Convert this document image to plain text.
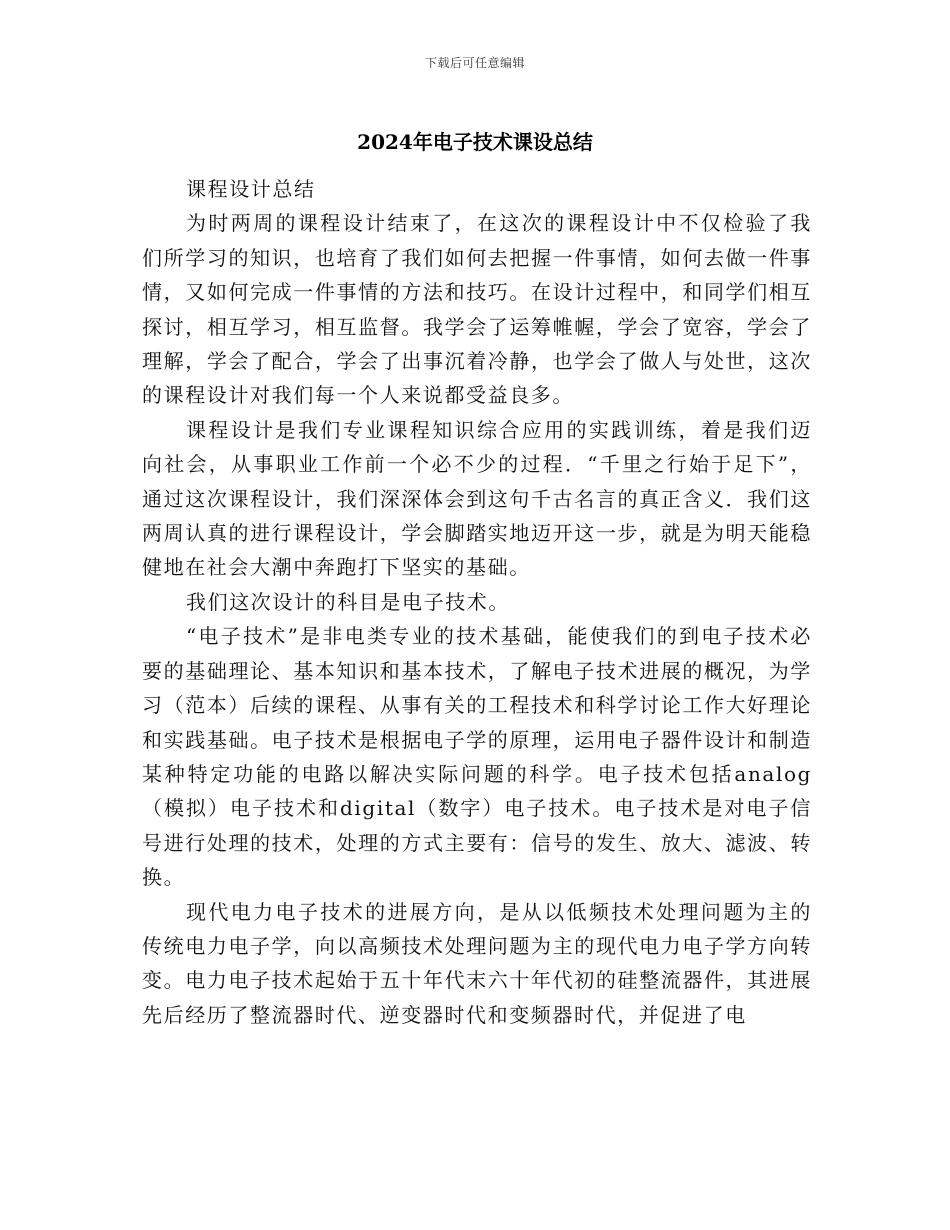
下载后可任意编辑
2024年电子技术课设总结

课程设计总结

为时两周的课程设计结束了，在这次的课程设计中不仅检验了我们所学习的知识，也培育了我们如何去把握一件事情，如何去做一件事情，又如何完成一件事情的方法和技巧。在设计过程中，和同学们相互探讨，相互学习，相互监督。我学会了运筹帷幄，学会了宽容，学会了理解，学会了配合，学会了出事沉着冷静，也学会了做人与处世，这次的课程设计对我们每一个人来说都受益良多。

课程设计是我们专业课程知识综合应用的实践训练，着是我们迈向社会，从事职业工作前一个必不少的过程．“千里之行始于足下”，通过这次课程设计，我们深深体会到这句千古名言的真正含义．我们这两周认真的进行课程设计，学会脚踏实地迈开这一步，就是为明天能稳健地在社会大潮中奔跑打下坚实的基础。

我们这次设计的科目是电子技术。

“电子技术”是非电类专业的技术基础，能使我们的到电子技术必要的基础理论、基本知识和基本技术，了解电子技术进展的概况，为学习（范本）后续的课程、从事有关的工程技术和科学讨论工作大好理论和实践基础。电子技术是根据电子学的原理，运用电子器件设计和制造某种特定功能的电路以解决实际问题的科学。电子技术包括analog（模拟）电子技术和digital（数字）电子技术。电子技术是对电子信号进行处理的技术，处理的方式主要有：信号的发生、放大、滤波、转换。

现代电力电子技术的进展方向，是从以低频技术处理问题为主的传统电力电子学，向以高频技术处理问题为主的现代电力电子学方向转变。电力电子技术起始于五十年代末六十年代初的硅整流器件，其进展先后经历了整流器时代、逆变器时代和变频器时代，并促进了电
